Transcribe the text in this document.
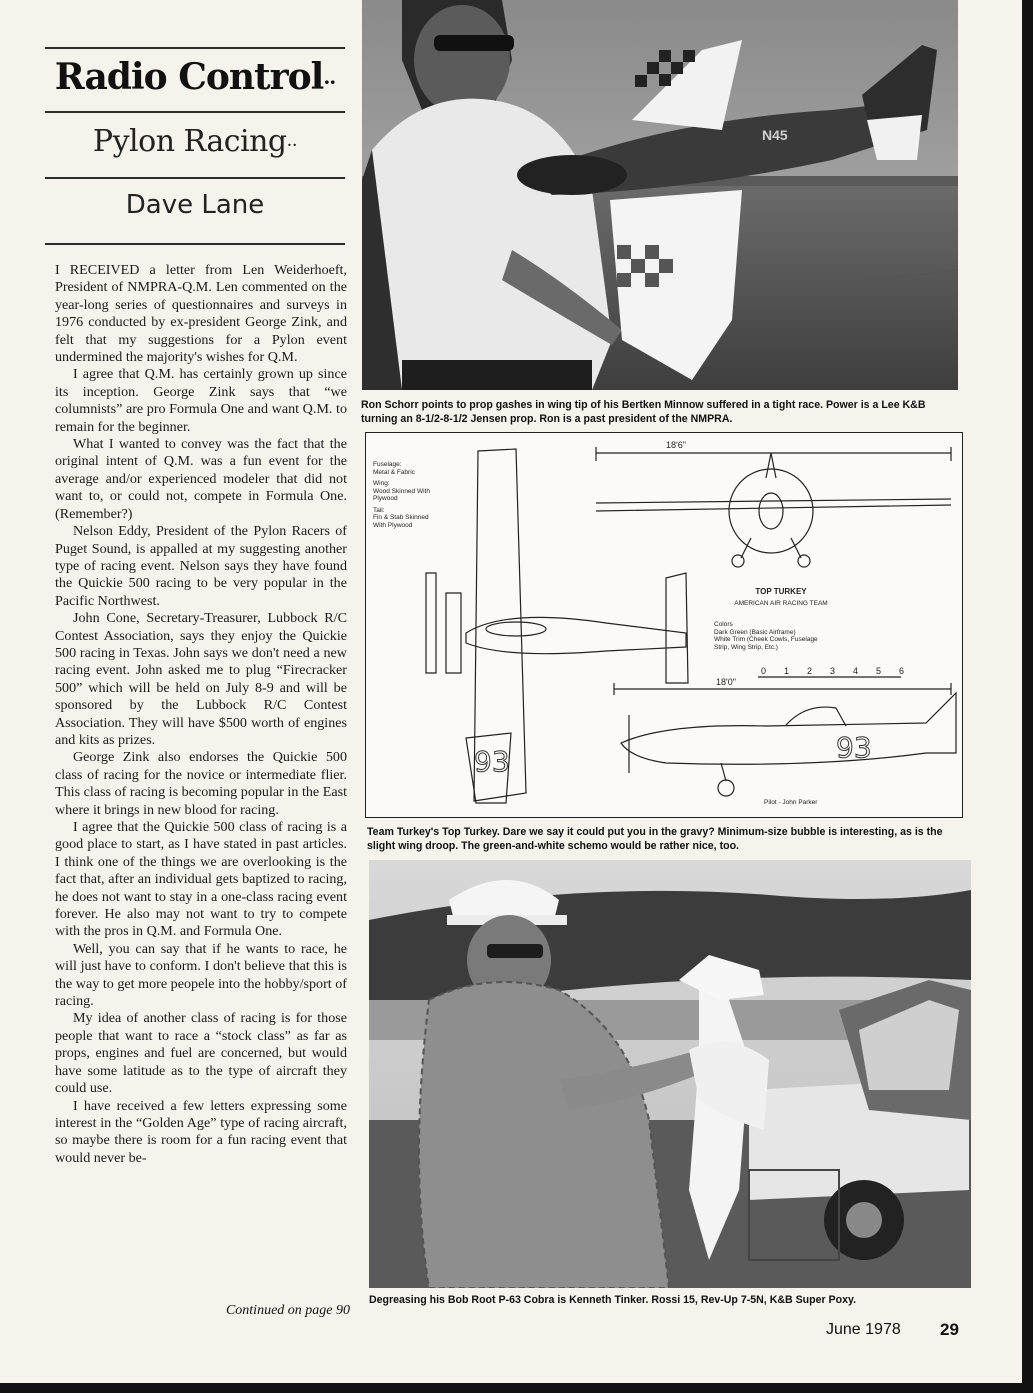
Radio Control··
Pylon Racing··
Dave Lane

I RECEIVED a letter from Len Weiderhoeft, President of NMPRA-Q.M. Len commented on the year-long series of questionnaires and surveys in 1976 conducted by ex-president George Zink, and felt that my suggestions for a Pylon event undermined the majority's wishes for Q.M.

I agree that Q.M. has certainly grown up since its inception. George Zink says that “we columnists” are pro Formula One and want Q.M. to remain for the beginner.

What I wanted to convey was the fact that the original intent of Q.M. was a fun event for the average and/or experienced modeler that did not want to, or could not, compete in Formula One. (Remember?)

Nelson Eddy, President of the Pylon Racers of Puget Sound, is appalled at my suggesting another type of racing event. Nelson says they have found the Quickie 500 racing to be very popular in the Pacific Northwest.

John Cone, Secretary-Treasurer, Lubbock R/C Contest Association, says they enjoy the Quickie 500 racing in Texas. John says we don't need a new racing event. John asked me to plug “Firecracker 500” which will be held on July 8-9 and will be sponsored by the Lubbock R/C Contest Association. They will have $500 worth of engines and kits as prizes.

George Zink also endorses the Quickie 500 class of racing for the novice or intermediate flier. This class of racing is becoming popular in the East where it brings in new blood for racing.

I agree that the Quickie 500 class of racing is a good place to start, as I have stated in past articles. I think one of the things we are overlooking is the fact that, after an individual gets baptized to racing, he does not want to stay in a one-class racing event forever. He also may not want to try to compete with the pros in Q.M. and Formula One.

Well, you can say that if he wants to race, he will just have to conform. I don't believe that this is the way to get more peopele into the hobby/sport of racing.

My idea of another class of racing is for those people that want to race a “stock class” as far as props, engines and fuel are concerned, but would have some latitude as to the type of aircraft they could use.

I have received a few letters expressing some interest in the “Golden Age” type of racing aircraft, so maybe there is room for a fun racing event that would never be-

Continued on page 90
N45
Ron Schorr points to prop gashes in wing tip of his Bertken Minnow suffered in a tight race. Power is a Lee K&B turning an 8-1/2-8-1/2 Jensen prop. Ron is a past president of the NMPRA.
18'6"
18'0"
0 1 2 3 4 5 6
93	93
Fuselage:
Metal & Fabric
Wing:
Wood Skinned With Plywood
Tail:
Fin & Stab Skinned With Plywood
TOP TURKEY
AMERICAN AIR RACING TEAM
Colors
Dark Green (Basic Airframe)
White Trim (Cheek Cowls, Fuselage Strip, Wing Strip, Etc.)
Pilot - John Parker
Team Turkey's Top Turkey. Dare we say it could put you in the gravy? Minimum-size bubble is interesting, as is the slight wing droop. The green-and-white schemo would be rather nice, too.
Degreasing his Bob Root P-63 Cobra is Kenneth Tinker. Rossi 15, Rev-Up 7-5N, K&B Super Poxy.
June 1978 29
